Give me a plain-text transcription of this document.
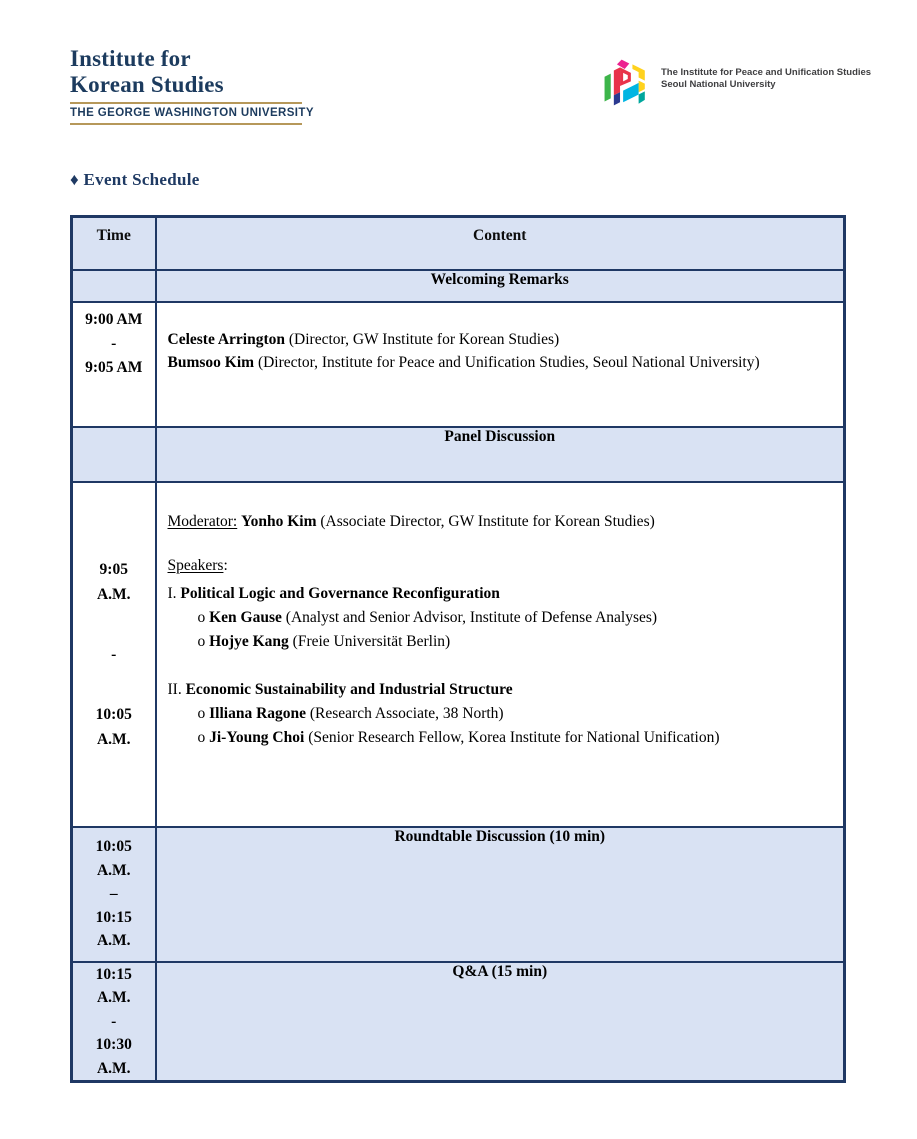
Institute for
Korean Studies
THE GEORGE WASHINGTON UNIVERSITY
The Institute for Peace and Unification Studies
Seoul National University
♦ Event Schedule
Time	Content
	Welcoming Remarks

9:00 AM
-
9:05 AM

Celeste Arrington (Director, GW Institute for Korean Studies)
Bumsoo Kim (Director, Institute for Peace and Unification Studies, Seoul National University)

	Panel Discussion

9:05
A.M.
-
10:05
A.M.

Moderator: Yonho Kim (Associate Director, GW Institute for Korean Studies)
Speakers:
I. Political Logic and Governance Reconfiguration
o Ken Gause (Analyst and Senior Advisor, Institute of Defense Analyses)
o Hojye Kang (Freie Universität Berlin)
II. Economic Sustainability and Industrial Structure
o Illiana Ragone (Research Associate, 38 North)
o Ji-Young Choi (Senior Research Fellow, Korea Institute for National Unification)

10:05
A.M.
–
10:15
A.M.	Roundtable Discussion (10 min)

10:15
A.M.
-
10:30
A.M.	Q&A (15 min)
